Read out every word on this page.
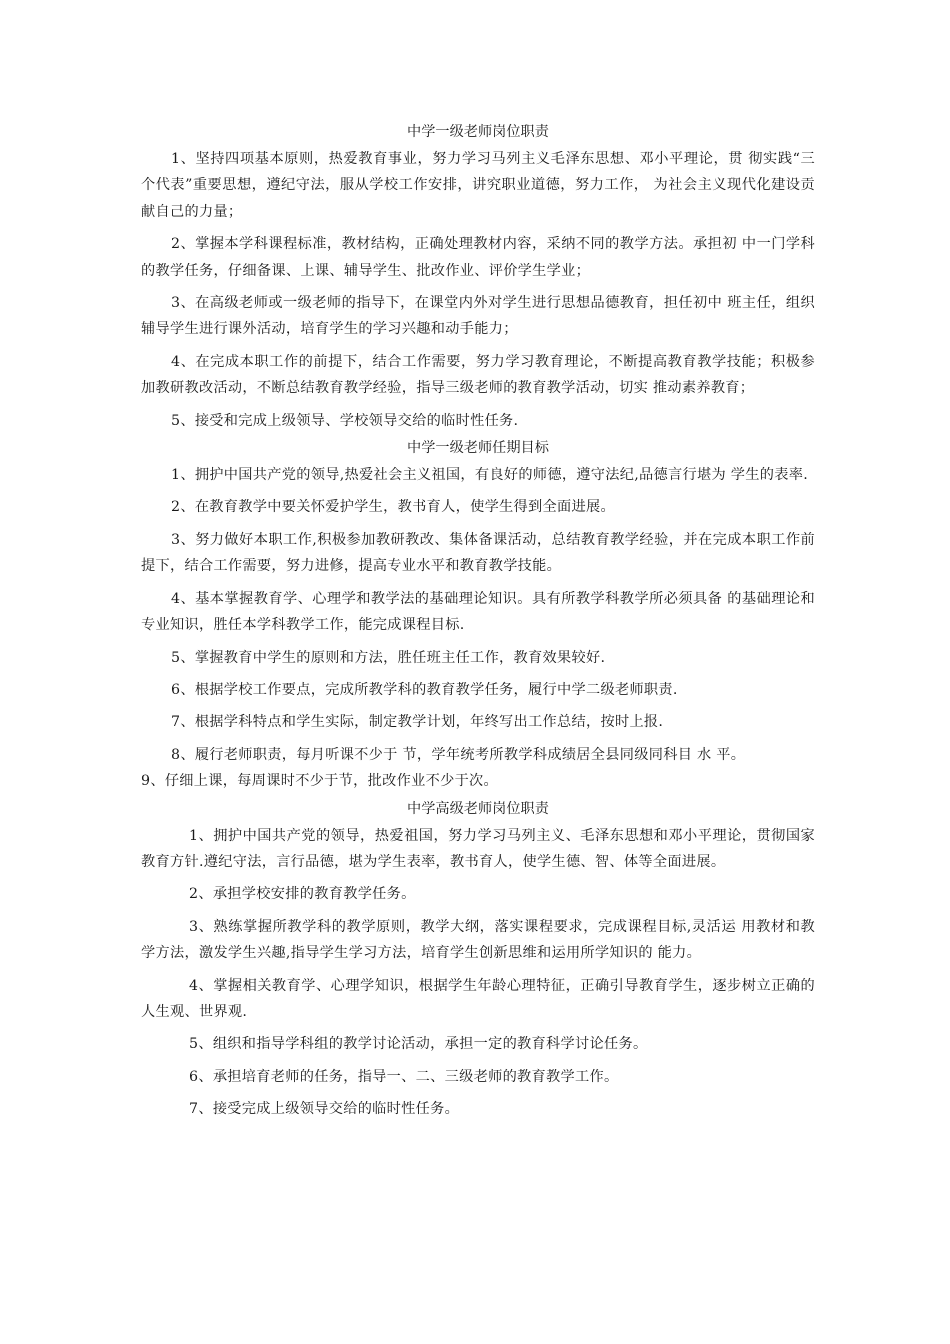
中学一级老师岗位职责

1、坚持四项基本原则，热爱教育事业，努力学习马列主义毛泽东思想、邓小平理论，贯 彻实践“三个代表”重要思想，遵纪守法，服从学校工作安排，讲究职业道德，努力工作， 为社会主义现代化建设贡献自己的力量；

2、掌握本学科课程标准，教材结构，正确处理教材内容，采纳不同的教学方法。承担初 中一门学科的教学任务，仔细备课、上课、辅导学生、批改作业、评价学生学业；

3、在高级老师或一级老师的指导下，在课堂内外对学生进行思想品德教育，担任初中 班主任，组织辅导学生进行课外活动，培育学生的学习兴趣和动手能力；

4、在完成本职工作的前提下，结合工作需要，努力学习教育理论，不断提高教育教学技能；积极参加教研教改活动，不断总结教育教学经验，指导三级老师的教育教学活动，切实 推动素养教育；

5、接受和完成上级领导、学校领导交给的临时性任务.

中学一级老师任期目标

1、拥护中国共产党的领导,热爱社会主义祖国，有良好的师德，遵守法纪,品德言行堪为 学生的表率.

2、在教育教学中要关怀爱护学生，教书育人，使学生得到全面进展。

3、努力做好本职工作,积极参加教研教改、集体备课活动，总结教育教学经验，并在完成本职工作前提下，结合工作需要，努力进修，提高专业水平和教育教学技能。

4、基本掌握教育学、心理学和教学法的基础理论知识。具有所教学科教学所必须具备 的基础理论和专业知识，胜任本学科教学工作，能完成课程目标.

5、掌握教育中学生的原则和方法，胜任班主任工作，教育效果较好.

6、根据学校工作要点，完成所教学科的教育教学任务，履行中学二级老师职责.

7、根据学科特点和学生实际，制定教学计划，年终写出工作总结，按时上报.

8、履行老师职责，每月听课不少于 节，学年统考所教学科成绩居全县同级同科目 水 平。

9、仔细上课，每周课时不少于节，批改作业不少于次。

中学高级老师岗位职责

1、拥护中国共产党的领导，热爱祖国，努力学习马列主义、毛泽东思想和邓小平理论，贯彻国家教育方针.遵纪守法，言行品德，堪为学生表率，教书育人，使学生德、智、体等全面进展。

2、承担学校安排的教育教学任务。

3、熟练掌握所教学科的教学原则，教学大纲，落实课程要求，完成课程目标,灵活运 用教材和教学方法，激发学生兴趣,指导学生学习方法，培育学生创新思维和运用所学知识的 能力。

4、掌握相关教育学、心理学知识，根据学生年龄心理特征，正确引导教育学生，逐步树立正确的人生观、世界观.

5、组织和指导学科组的教学讨论活动，承担一定的教育科学讨论任务。

6、承担培育老师的任务，指导一、二、三级老师的教育教学工作。

7、接受完成上级领导交给的临时性任务。
